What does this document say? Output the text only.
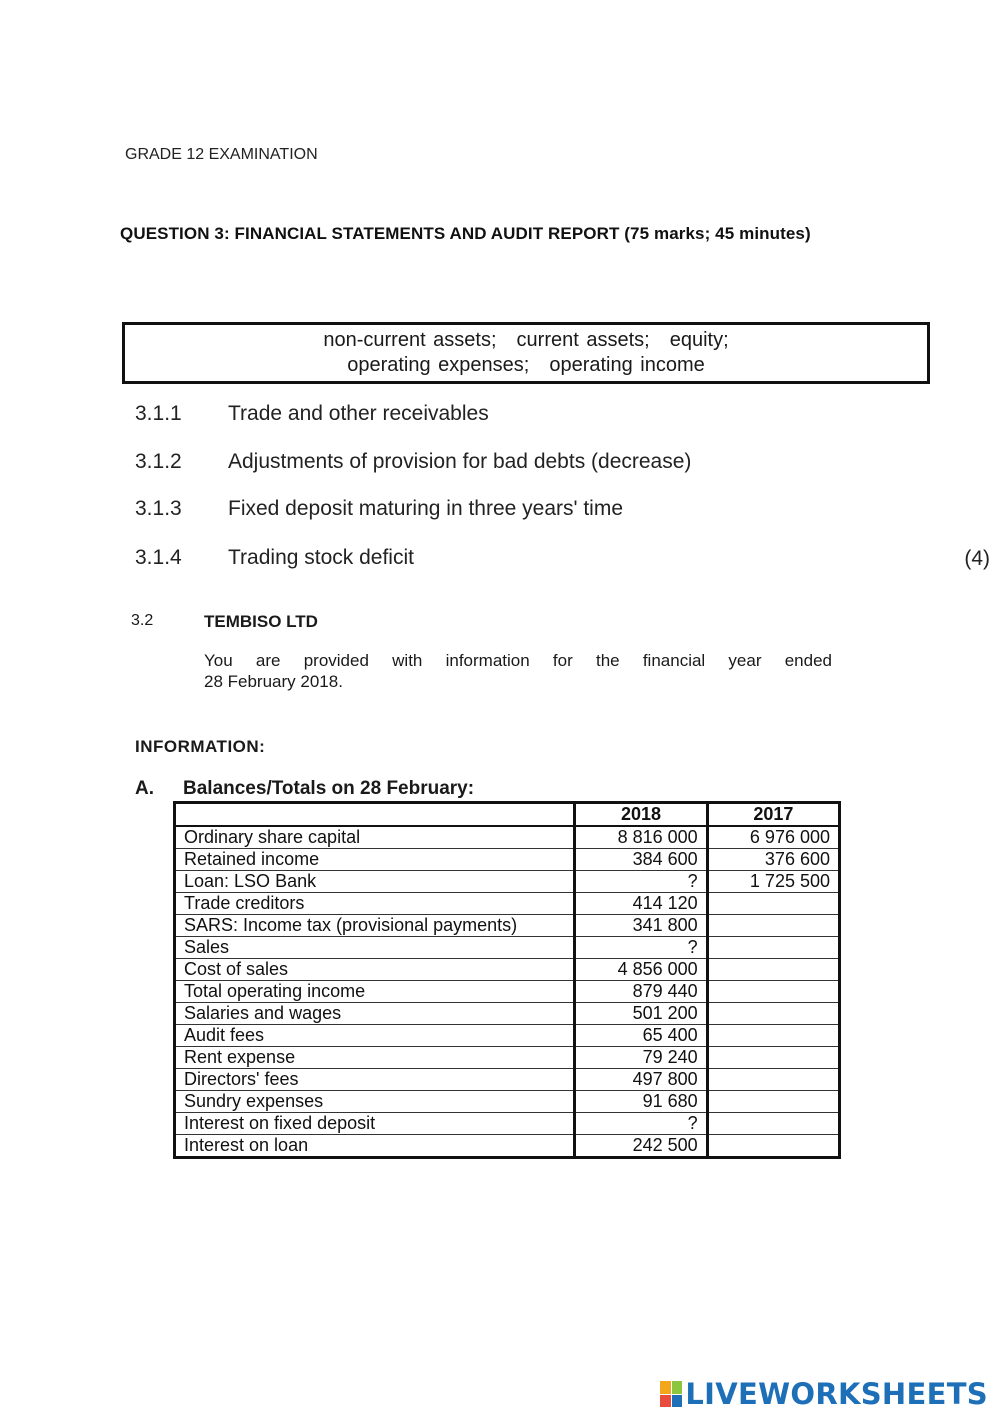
GRADE 12 EXAMINATION
QUESTION 3: FINANCIAL STATEMENTS AND AUDIT REPORT (75 marks; 45 minutes)
non-current assets; current assets; equity;
operating expenses; operating income
3.1.1 Trade and other receivables
3.1.2 Adjustments of provision for bad debts (decrease)
3.1.3 Fixed deposit maturing in three years' time
3.1.4 Trading stock deficit	(4)
3.2	TEMBISO LTD
You are provided with information for the financial year ended
28 February 2018.
INFORMATION:
A. Balances/Totals on 28 February:
	2018	2017
Ordinary share capital	8 816 000	6 976 000
Retained income	384 600	376 600
Loan: LSO Bank	?	1 725 500
Trade creditors	414 120	
SARS: Income tax (provisional payments)	341 800	
Sales	?	
Cost of sales	4 856 000	
Total operating income	879 440	
Salaries and wages	501 200	
Audit fees	65 400	
Rent expense	79 240	
Directors' fees	497 800	
Sundry expenses	91 680	
Interest on fixed deposit	?	
Interest on loan	242 500	
LIVEWORKSHEETS
